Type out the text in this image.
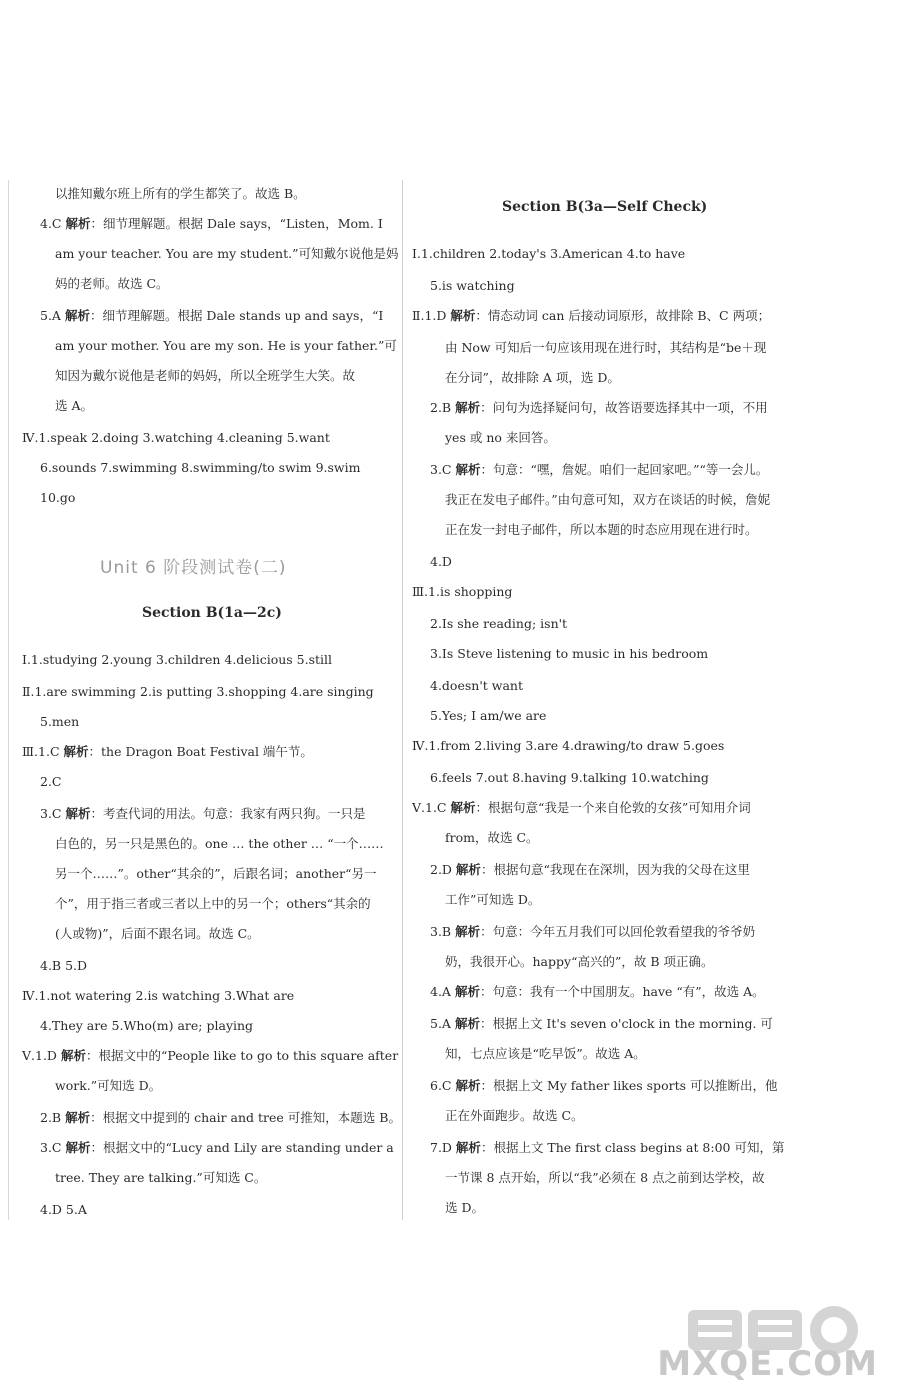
Unit 6 阶段测试卷(二)
Section B(1a—2c)
Section B(3a—Self Check)
MXQE.COM
以推知戴尔班上所有的学生都笑了。故选 B。
4.C 解析：细节理解题。根据 Dale says，“Listen，Mom. I
am your teacher. You are my student.”可知戴尔说他是妈
妈的老师。故选 C。
5.A 解析：细节理解题。根据 Dale stands up and says，“I
am your mother. You are my son. He is your father.”可
知因为戴尔说他是老师的妈妈，所以全班学生大笑。故
选 A。
Ⅳ.1.speak 2.doing 3.watching 4.cleaning 5.want
6.sounds 7.swimming 8.swimming/to swim 9.swim
10.go
Ⅰ.1.studying 2.young 3.children 4.delicious 5.still
Ⅱ.1.are swimming 2.is putting 3.shopping 4.are singing
5.men
Ⅲ.1.C 解析：the Dragon Boat Festival 端午节。
2.C
3.C 解析：考查代词的用法。句意：我家有两只狗。一只是
白色的，另一只是黑色的。one … the other … “一个……
另一个……”。other“其余的”，后跟名词；another“另一
个”，用于指三者或三者以上中的另一个；others“其余的
(人或物)”，后面不跟名词。故选 C。
4.B 5.D
Ⅳ.1.not watering 2.is watching 3.What are
4.They are 5.Who(m) are; playing
Ⅴ.1.D 解析：根据文中的“People like to go to this square after
work.”可知选 D。
2.B 解析：根据文中提到的 chair and tree 可推知，本题选 B。
3.C 解析：根据文中的“Lucy and Lily are standing under a
tree. They are talking.”可知选 C。
4.D 5.A
Ⅰ.1.children 2.today's 3.American 4.to have
5.is watching
Ⅱ.1.D 解析：情态动词 can 后接动词原形，故排除 B、C 两项；
由 Now 可知后一句应该用现在进行时，其结构是“be＋现
在分词”，故排除 A 项，选 D。
2.B 解析：问句为选择疑问句，故答语要选择其中一项，不用
yes 或 no 来回答。
3.C 解析：句意：“嘿，詹妮。咱们一起回家吧。”“等一会儿。
我正在发电子邮件。”由句意可知，双方在谈话的时候，詹妮
正在发一封电子邮件，所以本题的时态应用现在进行时。
4.D
Ⅲ.1.is shopping
2.Is she reading; isn't
3.Is Steve listening to music in his bedroom
4.doesn't want
5.Yes; I am/we are
Ⅳ.1.from 2.living 3.are 4.drawing/to draw 5.goes
6.feels 7.out 8.having 9.talking 10.watching
Ⅴ.1.C 解析：根据句意“我是一个来自伦敦的女孩”可知用介词
from，故选 C。
2.D 解析：根据句意“我现在在深圳，因为我的父母在这里
工作”可知选 D。
3.B 解析：句意：今年五月我们可以回伦敦看望我的爷爷奶
奶，我很开心。happy“高兴的”，故 B 项正确。
4.A 解析：句意：我有一个中国朋友。have “有”，故选 A。
5.A 解析：根据上文 It's seven o'clock in the morning. 可
知，七点应该是“吃早饭”。故选 A。
6.C 解析：根据上文 My father likes sports 可以推断出，他
正在外面跑步。故选 C。
7.D 解析：根据上文 The first class begins at 8:00 可知，第
一节课 8 点开始，所以“我”必须在 8 点之前到达学校，故
选 D。
